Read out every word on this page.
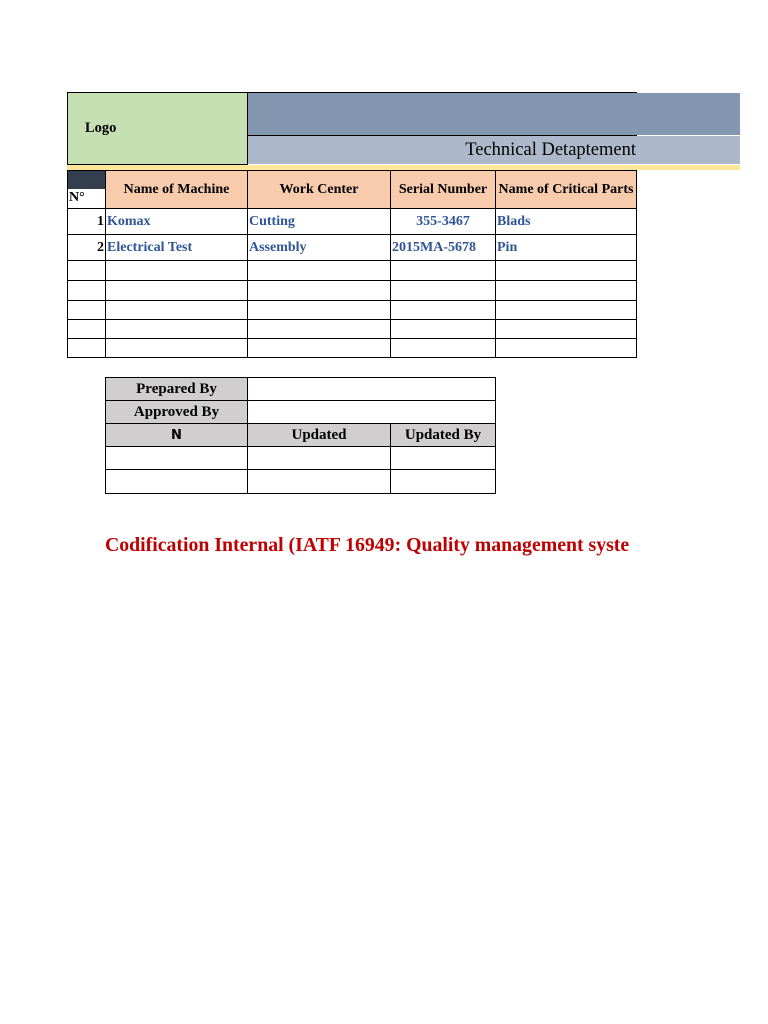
Logo
Technical Detaptement
N°	Name of Machine	Work Center	Serial Number	Name of Critical Parts
1	Komax	Cutting	355-3467	Blads
2	Electrical Test	Assembly	2015MA-5678	Pin

Prepared By		
Approved By		
N	Updated	Updated By

Codification Internal (IATF 16949: Quality management syste
